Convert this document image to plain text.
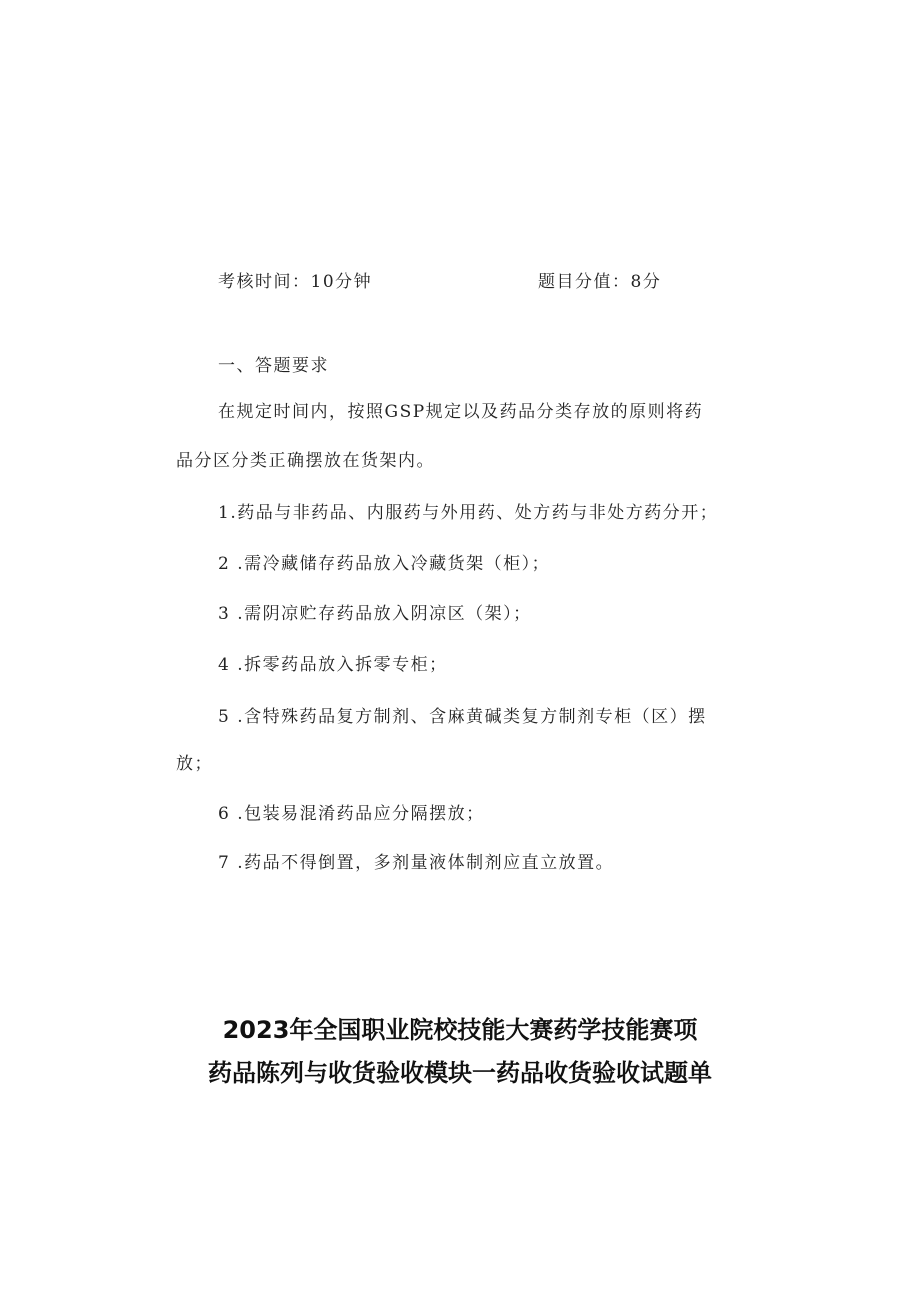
考核时间：10分钟	题目分值：8分
一、答题要求
在规定时间内，按照GSP规定以及药品分类存放的原则将药
品分区分类正确摆放在货架内。
1.药品与非药品、内服药与外用药、处方药与非处方药分开；
2 .需冷藏储存药品放入冷藏货架（柜）；
3 .需阴凉贮存药品放入阴凉区（架）；
4 .拆零药品放入拆零专柜；
5 .含特殊药品复方制剂、含麻黄碱类复方制剂专柜（区）摆
放；
6 .包装易混淆药品应分隔摆放；
7 .药品不得倒置，多剂量液体制剂应直立放置。
2023年全国职业院校技能大赛药学技能赛项
药品陈列与收货验收模块一药品收货验收试题单
